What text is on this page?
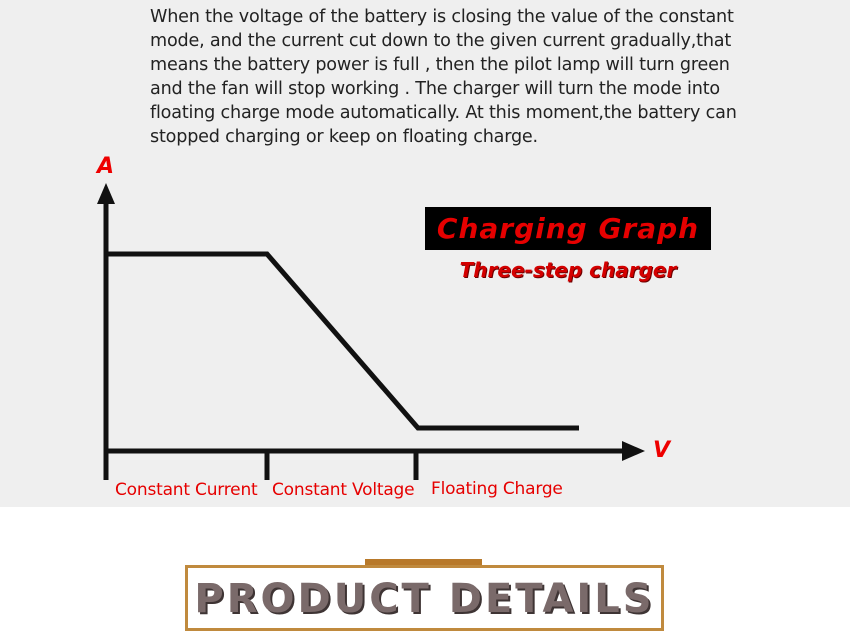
When the voltage of the battery is closing the value of the constant
mode, and the current cut down to the given current gradually,that
means the battery power is full , then the pilot lamp will turn green
and the fan will stop working . The charger will turn the mode into
floating charge mode automatically. At this moment,the battery can
stopped charging or keep on floating charge.
A
V
Charging Graph
Three-step charger
Constant Current Constant Voltage Floating Charge
PRODUCT DETAILS
